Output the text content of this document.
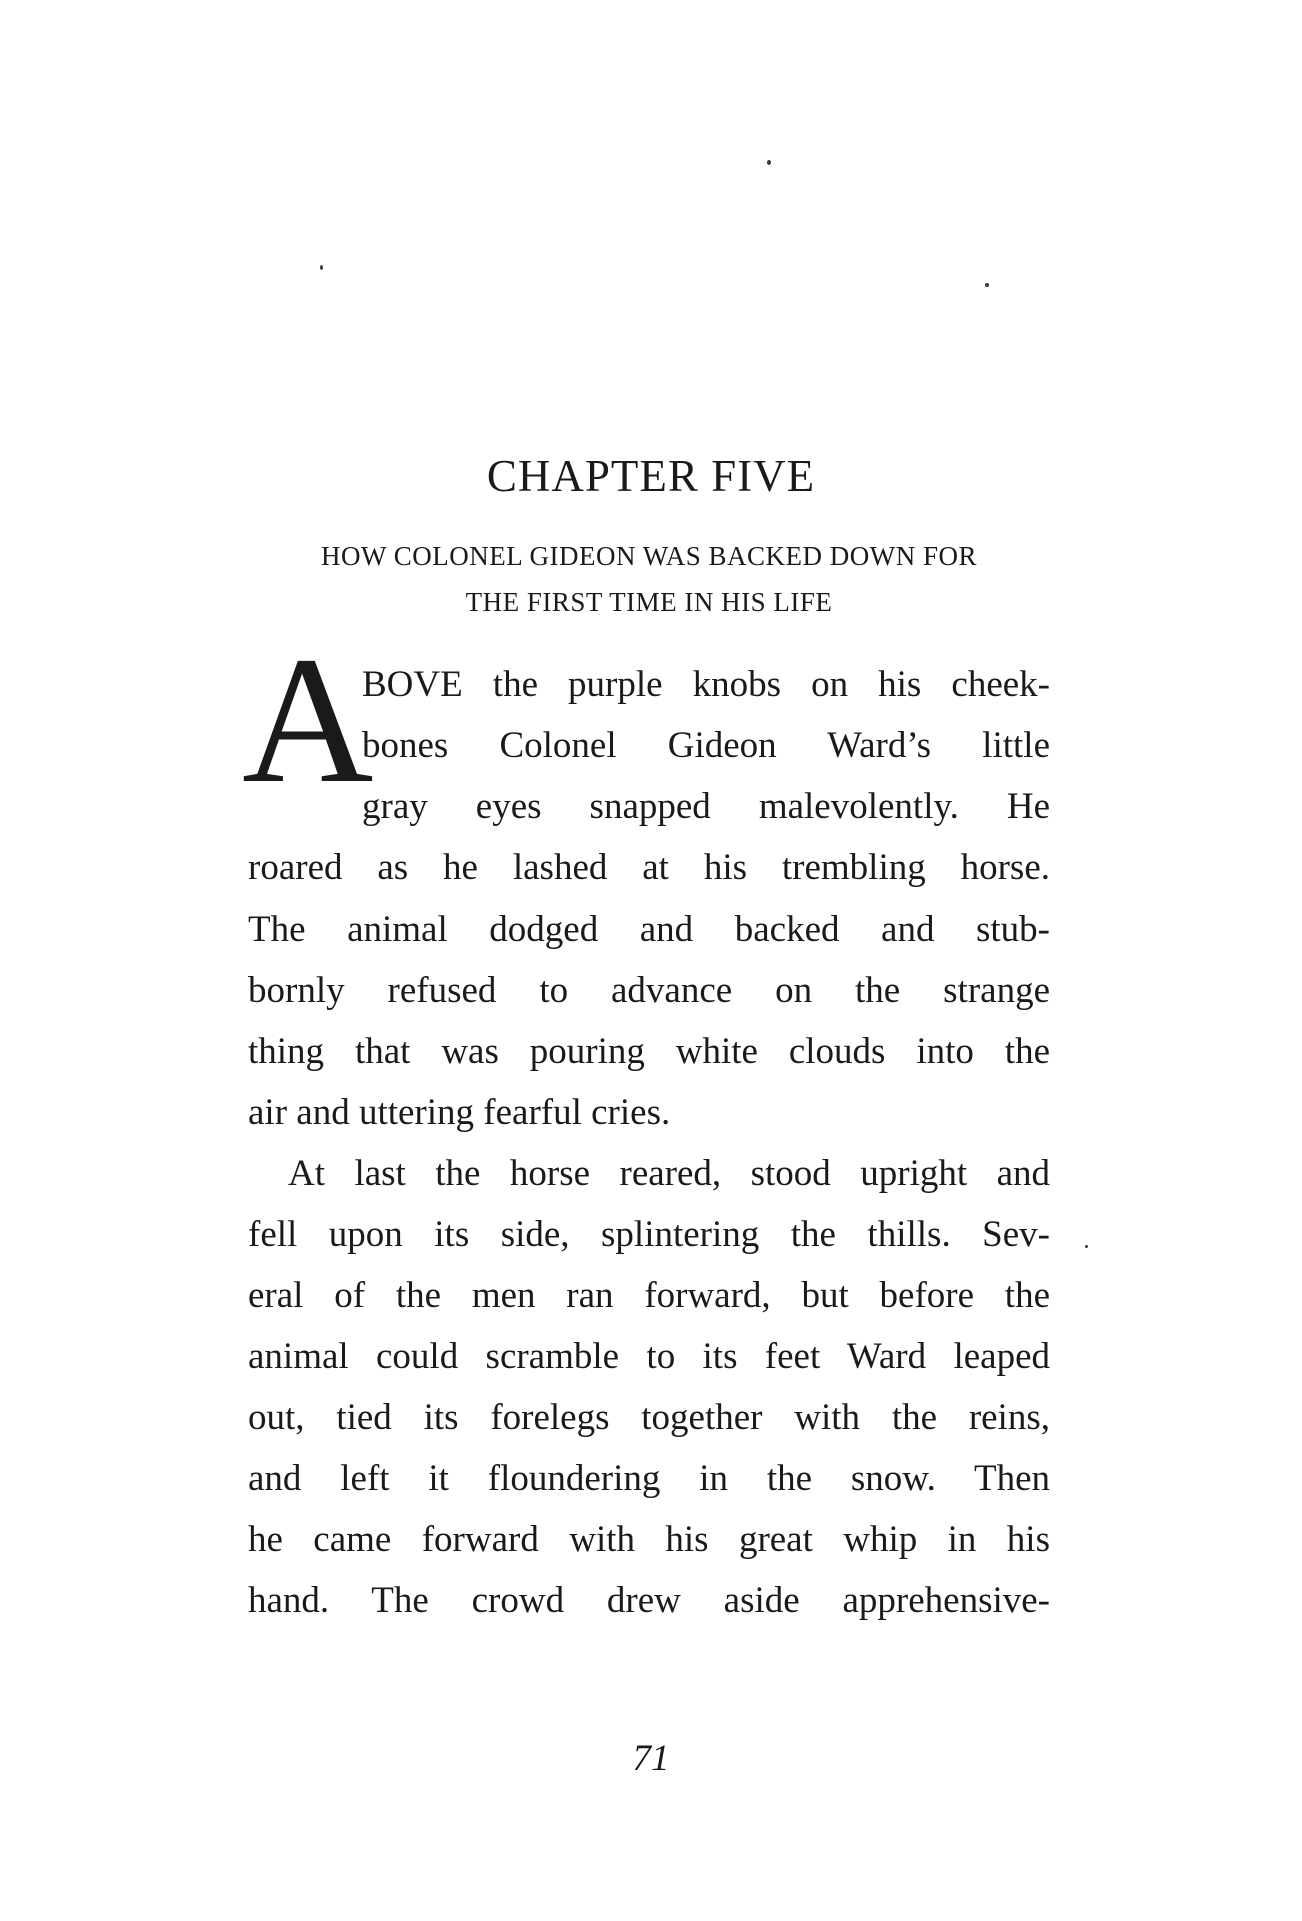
CHAPTER FIVE
HOW COLONEL GIDEON WAS BACKED DOWN FOR
THE FIRST TIME IN HIS LIFE
A
BOVE the purple knobs on his cheek-
bones Colonel Gideon Ward’s little
gray eyes snapped malevolently. He
roared as he lashed at his trembling horse.
The animal dodged and backed and stub-
bornly refused to advance on the strange
thing that was pouring white clouds into the
air and uttering fearful cries.
At last the horse reared, stood upright and
fell upon its side, splintering the thills. Sev-
eral of the men ran forward, but before the
animal could scramble to its feet Ward leaped
out, tied its forelegs together with the reins,
and left it floundering in the snow. Then
he came forward with his great whip in his
hand. The crowd drew aside apprehensive-
71
